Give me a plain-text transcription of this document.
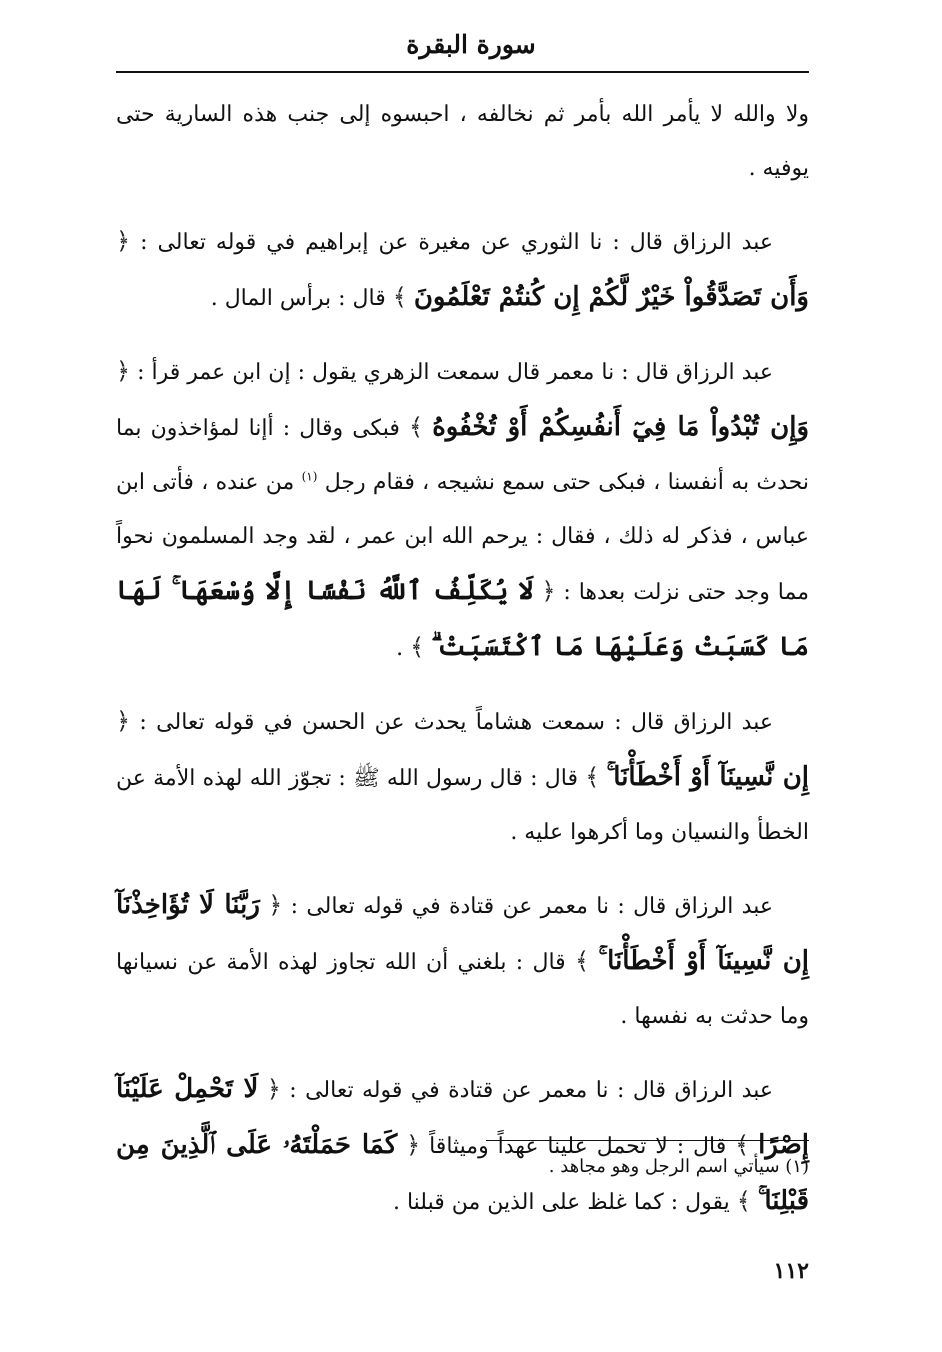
سورة البقرة

ولا والله لا يأمر الله بأمر ثم نخالفه ، احبسوه إلى جنب هذه السارية حتى يوفيه .

عبد الرزاق قال : نا الثوري عن مغيرة عن إبراهيم في قوله تعالى : ﴿ وَأَن تَصَدَّقُواْ خَيْرٌ لَّكُمْ إِن كُنتُمْ تَعْلَمُونَ ﴾ قال : برأس المال .

عبد الرزاق قال : نا معمر قال سمعت الزهري يقول : إن ابن عمر قرأ : ﴿ وَإِن تُبْدُواْ مَا فِيٓ أَنفُسِكُمْ أَوْ تُخْفُوهُ ﴾ فبكى وقال : أإنا لمؤاخذون بما نحدث به أنفسنا ، فبكى حتى سمع نشيجه ، فقام رجل $^{(١)}$ من عنده ، فأتى ابن عباس ، فذكر له ذلك ، فقال : يرحم الله ابن عمر ، لقد وجد المسلمون نحواً مما وجد حتى نزلت بعدها : ﴿ لَا يُكَلِّفُ ٱللَّهُ نَفْسًا إِلَّا وُسْعَهَا ۚ لَهَا مَا كَسَبَتْ وَعَلَيْهَا مَا ٱكْتَسَبَتْ ۗ ﴾ .

عبد الرزاق قال : سمعت هشاماً يحدث عن الحسن في قوله تعالى : ﴿ إِن نَّسِينَآ أَوْ أَخْطَأْنَا ۚ ﴾ قال : قال رسول الله ﷺ : تجوّز الله لهذه الأمة عن الخطأ والنسيان وما أكرهوا عليه .

عبد الرزاق قال : نا معمر عن قتادة في قوله تعالى : ﴿ رَبَّنَا لَا تُؤَاخِذْنَآ إِن نَّسِينَآ أَوْ أَخْطَأْنَا ۚ ﴾ قال : بلغني أن الله تجاوز لهذه الأمة عن نسيانها وما حدثت به نفسها .

عبد الرزاق قال : نا معمر عن قتادة في قوله تعالى : ﴿ لَا تَحْمِلْ عَلَيْنَآ إِصْرًا ﴾ قال : لا تحمل علينا عهداً وميثاقاً ﴿ كَمَا حَمَلْتَهُۥ عَلَى ٱلَّذِينَ مِن قَبْلِنَا ۚ ﴾ يقول : كما غلظ على الذين من قبلنا .

(١) سيأتي اسم الرجل وهو مجاهد .
١١٢
